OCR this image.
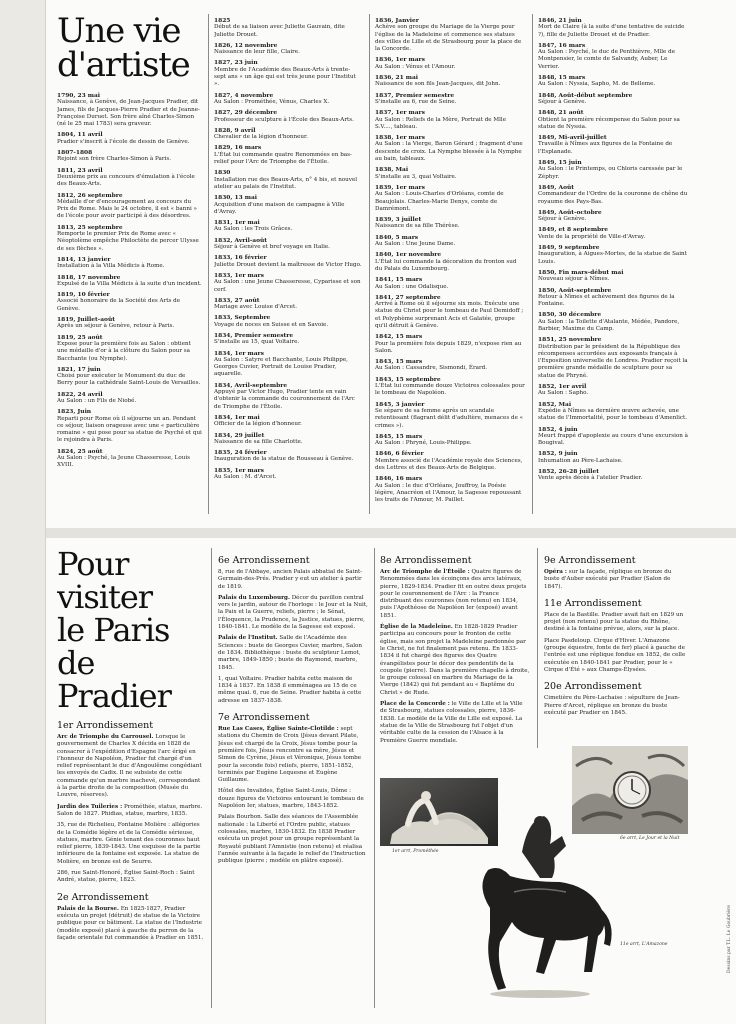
Une vie
d'artiste
1790, 23 mai
Naissance, à Genève, de Jean-Jacques Pradier, dit James, fils de Jacques-Pierre Pradier et de Jeanne-Françoise Duruet. Son frère aîné Charles-Simon (né le 25 mai 1783) sera graveur.
1804, 11 avril
Pradier s'inscrit à l'école de dessin de Genève.
1807-1808
Rejoint son frère Charles-Simon à Paris.
1811, 23 avril
Deuxième prix au concours d'émulation à l'école des Beaux-Arts.
1812, 26 septembre
Médaille d'or d'encouragement au concours du Prix de Rome. Mais le 24 octobre, il est « banni » de l'école pour avoir participé à des désordres.
1813, 25 septembre
Remporte le premier Prix de Rome avec « Néoptolème empêche Philoctète de percer Ulysse de ses flèches ».
1814, 13 janvier
Installation à la Villa Médicis à Rome.
1818, 17 novembre
Expulsé de la Villa Médicis à la suite d'un incident.
1819, 10 février
Associé honoraire de la Société des Arts de Genève.
1819, Juillet-août
Après un séjour à Genève, retour à Paris.
1819, 25 août
Expose pour la première fois au Salon : obtient une médaille d'or à la clôture du Salon pour sa Bacchante (ou Nymphe).
1821, 17 juin
Choisi pour exécuter le Monument du duc de Berry pour la cathédrale Saint-Louis de Versailles.
1822, 24 avril
Au Salon : un Fils de Niobé.
1823, Juin
Reparti pour Rome où il séjourne un an. Pendant ce séjour, liaison orageuse avec une « particulière romaine » qui pose pour sa statue de Psyché et qui le rejoindra à Paris.
1824, 25 août
Au Salon : Psyché, la Jeune Chasseresse, Louis XVIII.
1825
Début de sa liaison avec Juliette Gauvain, dite Juliette Drouet.
1826, 12 novembre
Naissance de leur fille, Claire.
1827, 23 juin
Membre de l'Académie des Beaux-Arts à trente-sept ans « un âge qui est très jeune pour l'Institut ».
1827, 4 novembre
Au Salon : Prométhée, Vénus, Charles X.
1827, 29 décembre
Professeur de sculpture à l'École des Beaux-Arts.
1828, 9 avril
Chevalier de la légion d'honneur.
1829, 16 mars
L'État lui commande quatre Renommées en bas-relief pour l'Arc de Triomphe de l'Étoile.
1830
Installation rue des Beaux-Arts, n° 4 bis, et nouvel atelier au palais de l'Institut.
1830, 13 mai
Acquisition d'une maison de campagne à Ville d'Avray.
1831, 1er mai
Au Salon : les Trois Grâces.
1832, Avril-août
Séjour à Genève et bref voyage en Italie.
1833, 16 février
Juliette Drouet devient la maîtresse de Victor Hugo.
1833, 1er mars
Au Salon : une Jeune Chasseresse, Cyparisse et son cerf.
1833, 27 août
Mariage avec Louise d'Arcet.
1833, Septembre
Voyage de noces en Suisse et en Savoie.
1834, Premier semestre
S'installe au 15, quai Voltaire.
1834, 1er mars
Au Salon : Satyre et Bacchante, Louis Philippe, Georges Cuvier, Portrait de Louise Pradier, aquarelle.
1834, Avril-septembre
Appuyé par Victor Hugo, Pradier tente en vain d'obtenir la commande du couronnement de l'Arc de Triomphe de l'Étoile.
1834, 1er mai
Officier de la légion d'honneur.
1834, 29 juillet
Naissance de sa fille Charlotte.
1835, 24 février
Inauguration de la statue de Rousseau à Genève.
1835, 1er mars
Au Salon : M. d'Arcet.
1836, Janvier
Achève son groupe du Mariage de la Vierge pour l'église de la Madeleine et commence ses statues des villes de Lille et de Strasbourg pour la place de la Concorde.
1836, 1er mars
Au Salon : Vénus et l'Amour.
1836, 21 mai
Naissance de son fils Jean-Jacques, dit John.
1837, Premier semestre
S'installe au 6, rue de Seine.
1837, 1er mars
Au Salon : Reliefs de la Mère, Portrait de Mlle S.V...., tableau.
1838, 1er mars
Au Salon : la Vierge, Baron Gérard ; fragment d'une descente de croix. La Nymphe blessée à la Nymphe au bain, tableaux.
1838, Mai
S'installe au 3, quai Voltaire.
1839, 1er mars
Au Salon : Louis-Charles d'Orléans, comte de Beaujolais. Charles-Marie Denys, comte de Damrémont.
1839, 3 juillet
Naissance de sa fille Thérèse.
1840, 5 mars
Au Salon : Une Jeune Dame.
1840, 1er novembre
L'État lui commande la décoration du fronton sud du Palais du Luxembourg.
1841, 15 mars
Au Salon : une Odalisque.
1841, 27 septembre
Arrivé à Rome où il séjourne six mois. Exécute une statue du Christ pour le tombeau de Paul Demidoff ; et Polyphème surprenant Acis et Galatée, groupe qu'il détruit à Genève.
1842, 15 mars
Pour la première fois depuis 1829, n'expose rien au Salon.
1843, 15 mars
Au Salon : Cassandre, Sismondi, Érard.
1843, 15 septembre
L'État lui commande douze Victoires colossales pour le tombeau de Napoléon.
1845, 3 janvier
Se sépare de sa femme après un scandale retentissant (flagrant délit d'adultère, menaces de « crimes »).
1845, 15 mars
Au Salon : Phryné, Louis-Philippe.
1846, 6 février
Membre associé de l'Académie royale des Sciences, des Lettres et des Beaux-Arts de Belgique.
1846, 16 mars
Au Salon : le duc d'Orléans, Jouffroy, la Poésie légère, Anacréon et l'Amour, la Sagesse repoussant les traits de l'Amour, M. Paillet.
1846, 21 juin
Mort de Claire (à la suite d'une tentative de suicide ?), fille de Juliette Drouet et de Pradier.
1847, 16 mars
Au Salon : Psyché, le duc de Penthièvre, Mlle de Montpensier, le comte de Salvandy, Auber, Le Verrier.
1848, 15 mars
Au Salon : Nyssia, Sapho, M. de Belleme.
1848, Août-début septembre
Séjour à Genève.
1848, 21 août
Obtient la première récompense du Salon pour sa statue de Nyssia.
1849, Mi-avril-juillet
Travaille à Nîmes aux figures de la Fontaine de l'Esplanade.
1849, 15 juin
Au Salon : le Printemps, ou Chloris caressée par le Zéphyr.
1849, Août
Commandeur de l'Ordre de la couronne de chêne du royaume des Pays-Bas.
1849, Août-octobre
Séjour à Genève.
1849, et 8 septembre
Vente de la propriété de Ville-d'Avray.
1849, 9 septembre
Inauguration, à Aigues-Mortes, de la statue de Saint Louis.
1850, Fin mars-début mai
Nouveau séjour à Nîmes.
1850, Août-septembre
Retour à Nîmes et achèvement des figures de la Fontaine.
1850, 30 décembre
Au Salon : la Toilette d'Atalante, Médée, Pandore, Barbier, Maxime du Camp.
1851, 25 novembre
Distribution par le président de la République des récompenses accordées aux exposants français à l'Exposition universelle de Londres. Pradier reçoit la première grande médaille de sculpture pour sa statue de Phryné.
1852, 1er avril
Au Salon : Sapho.
1852, Mai
Expédie à Nîmes sa dernière œuvre achevée, une statue de l'Immortalité, pour le tombeau d'Amenlict.
1852, 4 juin
Meurt frappé d'apoplexie au cours d'une excursion à Bougival.
1852, 9 juin
Inhumation au Père-Lachaise.
1852, 26-28 juillet
Vente après décès à l'atelier Pradier.
Pour visiter
le Paris
de Pradier
1er Arrondissement
Arc de Triomphe du Carrousel. Lorsque le gouvernement de Charles X décida en 1828 de consacrer à l'expédition d'Espagne l'arc érigé en l'honneur de Napoléon, Pradier fut chargé d'un relief représentant le duc d'Angoulême congédiant les envoyés de Cadix. Il ne subsiste de cette commande qu'un marbre inachevé, correspondant à la partie droite de la composition (Musée du Louvre, réserves).
Jardin des Tuileries : Prométhée, statue, marbre. Salon de 1827. Phidias, statue, marbre, 1835.
35, rue de Richelieu, Fontaine Molière : allégories de la Comédie légère et de la Comédie sérieuse, statues, marbre. Génie tenant des couronnes haut relief pierre, 1839-1843. Une esquisse de la partie inférieure de la fontaine est exposée. La statue de Molière, en bronze est de Seurre.
286, rue Saint-Honoré, Église Saint-Roch : Saint André, statue, pierre, 1823.
2e Arrondissement
Palais de la Bourse. En 1825-1827, Pradier exécuta un projet (détruit) de statue de la Victoire publique pour ce bâtiment. La statue de l'Industrie (modèle exposé) placé à gauche du perron de la façade orientale fut commandée à Pradier en 1851.
6e Arrondissement
8, rue de l'Abbaye, ancien Palais abbatial de Saint-Germain-des-Prés. Pradier y eut un atelier à partir de 1819.
Palais du Luxembourg. Décor du pavillon central vers le jardin, autour de l'horloge : le Jour et la Nuit, la Paix et la Guerre, reliefs, pierre ; le Sénat, l'Éloquence, la Prudence, la Justice, statues, pierre, 1840-1841. Le modèle de la Sagesse est exposé.
Palais de l'Institut. Salle de l'Académie des Sciences : buste de Georges Cuvier, marbre, Salon de 1834. Bibliothèque : buste du sculpteur Lemot, marbre, 1849-1850 ; buste de Raymond, marbre, 1845.
1, quai Voltaire. Pradier habita cette maison de 1834 à 1837. En 1838 il emménagea au 15 de ce même quai. 6, rue de Seine. Pradier habita à cette adresse en 1837-1838.
7e Arrondissement
Rue Las Cases, Église Sainte-Clotilde : sept stations du Chemin de Croix (Jésus devant Pilate, Jésus est chargé de la Croix, Jésus tombe pour la première fois, Jésus rencontre sa mère, Jésus et Simon de Cyrène, Jésus et Véronique, Jésus tombe pour la seconde fois) reliefs, pierre, 1851-1852, terminés par Eugène Lequesne et Eugène Guillaume.
Hôtel des Invalides, Église Saint-Louis, Dôme : douze figures de Victoires entourant le tombeau de Napoléon Ier, statues, marbre, 1843-1852.
Palais Bourbon. Salle des séances de l'Assemblée nationale : la Liberté et l'Ordre public, statues colossales, marbre, 1830-1832. En 1838 Pradier exécuta un projet pour un groupe représentant la Royauté publiant l'Amnistie (non retenu) et réalisa l'année suivante à la façade le relief de l'Instruction publique (pierre ; modèle en plâtre exposé).
8e Arrondissement
Arc de Triomphe de l'Étoile : Quatre figures de Renommées dans les écoinçons des arcs latéraux, pierre, 1829-1834. Pradier fit en outre deux projets pour le couronnement de l'Arc : la France distribuant des couronnes (non retenu) en 1834, puis l'Apothéose de Napoléon Ier (exposé) avant 1851.
Église de la Madeleine. En 1828-1829 Pradier participa au concours pour le fronton de cette église, mais son projet la Madeleine pardonnée par le Christ, ne fut finalement pas retenu. En 1833-1834 il fut chargé des figures des Quatre évangélistes pour le décor des pendentifs de la coupole (pierre). Dans la première chapelle à droite, le groupe colossal en marbre du Mariage de la Vierge (1842) qui fut pendant au « Baptême du Christ » de Rude.
Place de la Concorde : le Ville de Lille et la Ville de Strasbourg, statues colossales, pierre, 1836-1838. Le modèle de la Ville de Lille est exposé. La statue de la Ville de Strasbourg fut l'objet d'un véritable culte de la cession de l'Alsace à la Première Guerre mondiale.
9e Arrondissement
Opéra : sur la façade, réplique en bronze du buste d'Auber exécuté par Pradier (Salon de 1847).
11e Arrondissement
Place de la Bastille. Pradier avait fait en 1829 un projet (non retenu) pour la statue du Rhône, destiné à la fontaine prévue, alors, sur la place.
Place Pasdeloup. Cirque d'Hiver. L'Amazone (groupe équestre, fonte de fer) placé à gauche de l'entrée est une réplique fondue en 1852, de celle exécutée en 1840-1841 par Pradier, pour le « Cirque d'Été » aux Champs-Élysées.
20e Arrondissement
Cimetière du Père-Lachaise : sépulture de Jean-Pierre d'Arcet, réplique en bronze du buste exécuté par Pradier en 1845.
1er arrt, Prométhée
6e arrt, Le Jour et la Nuit
11e arrt, L'Amazone	Dessins par T.L. Le Goubrière
